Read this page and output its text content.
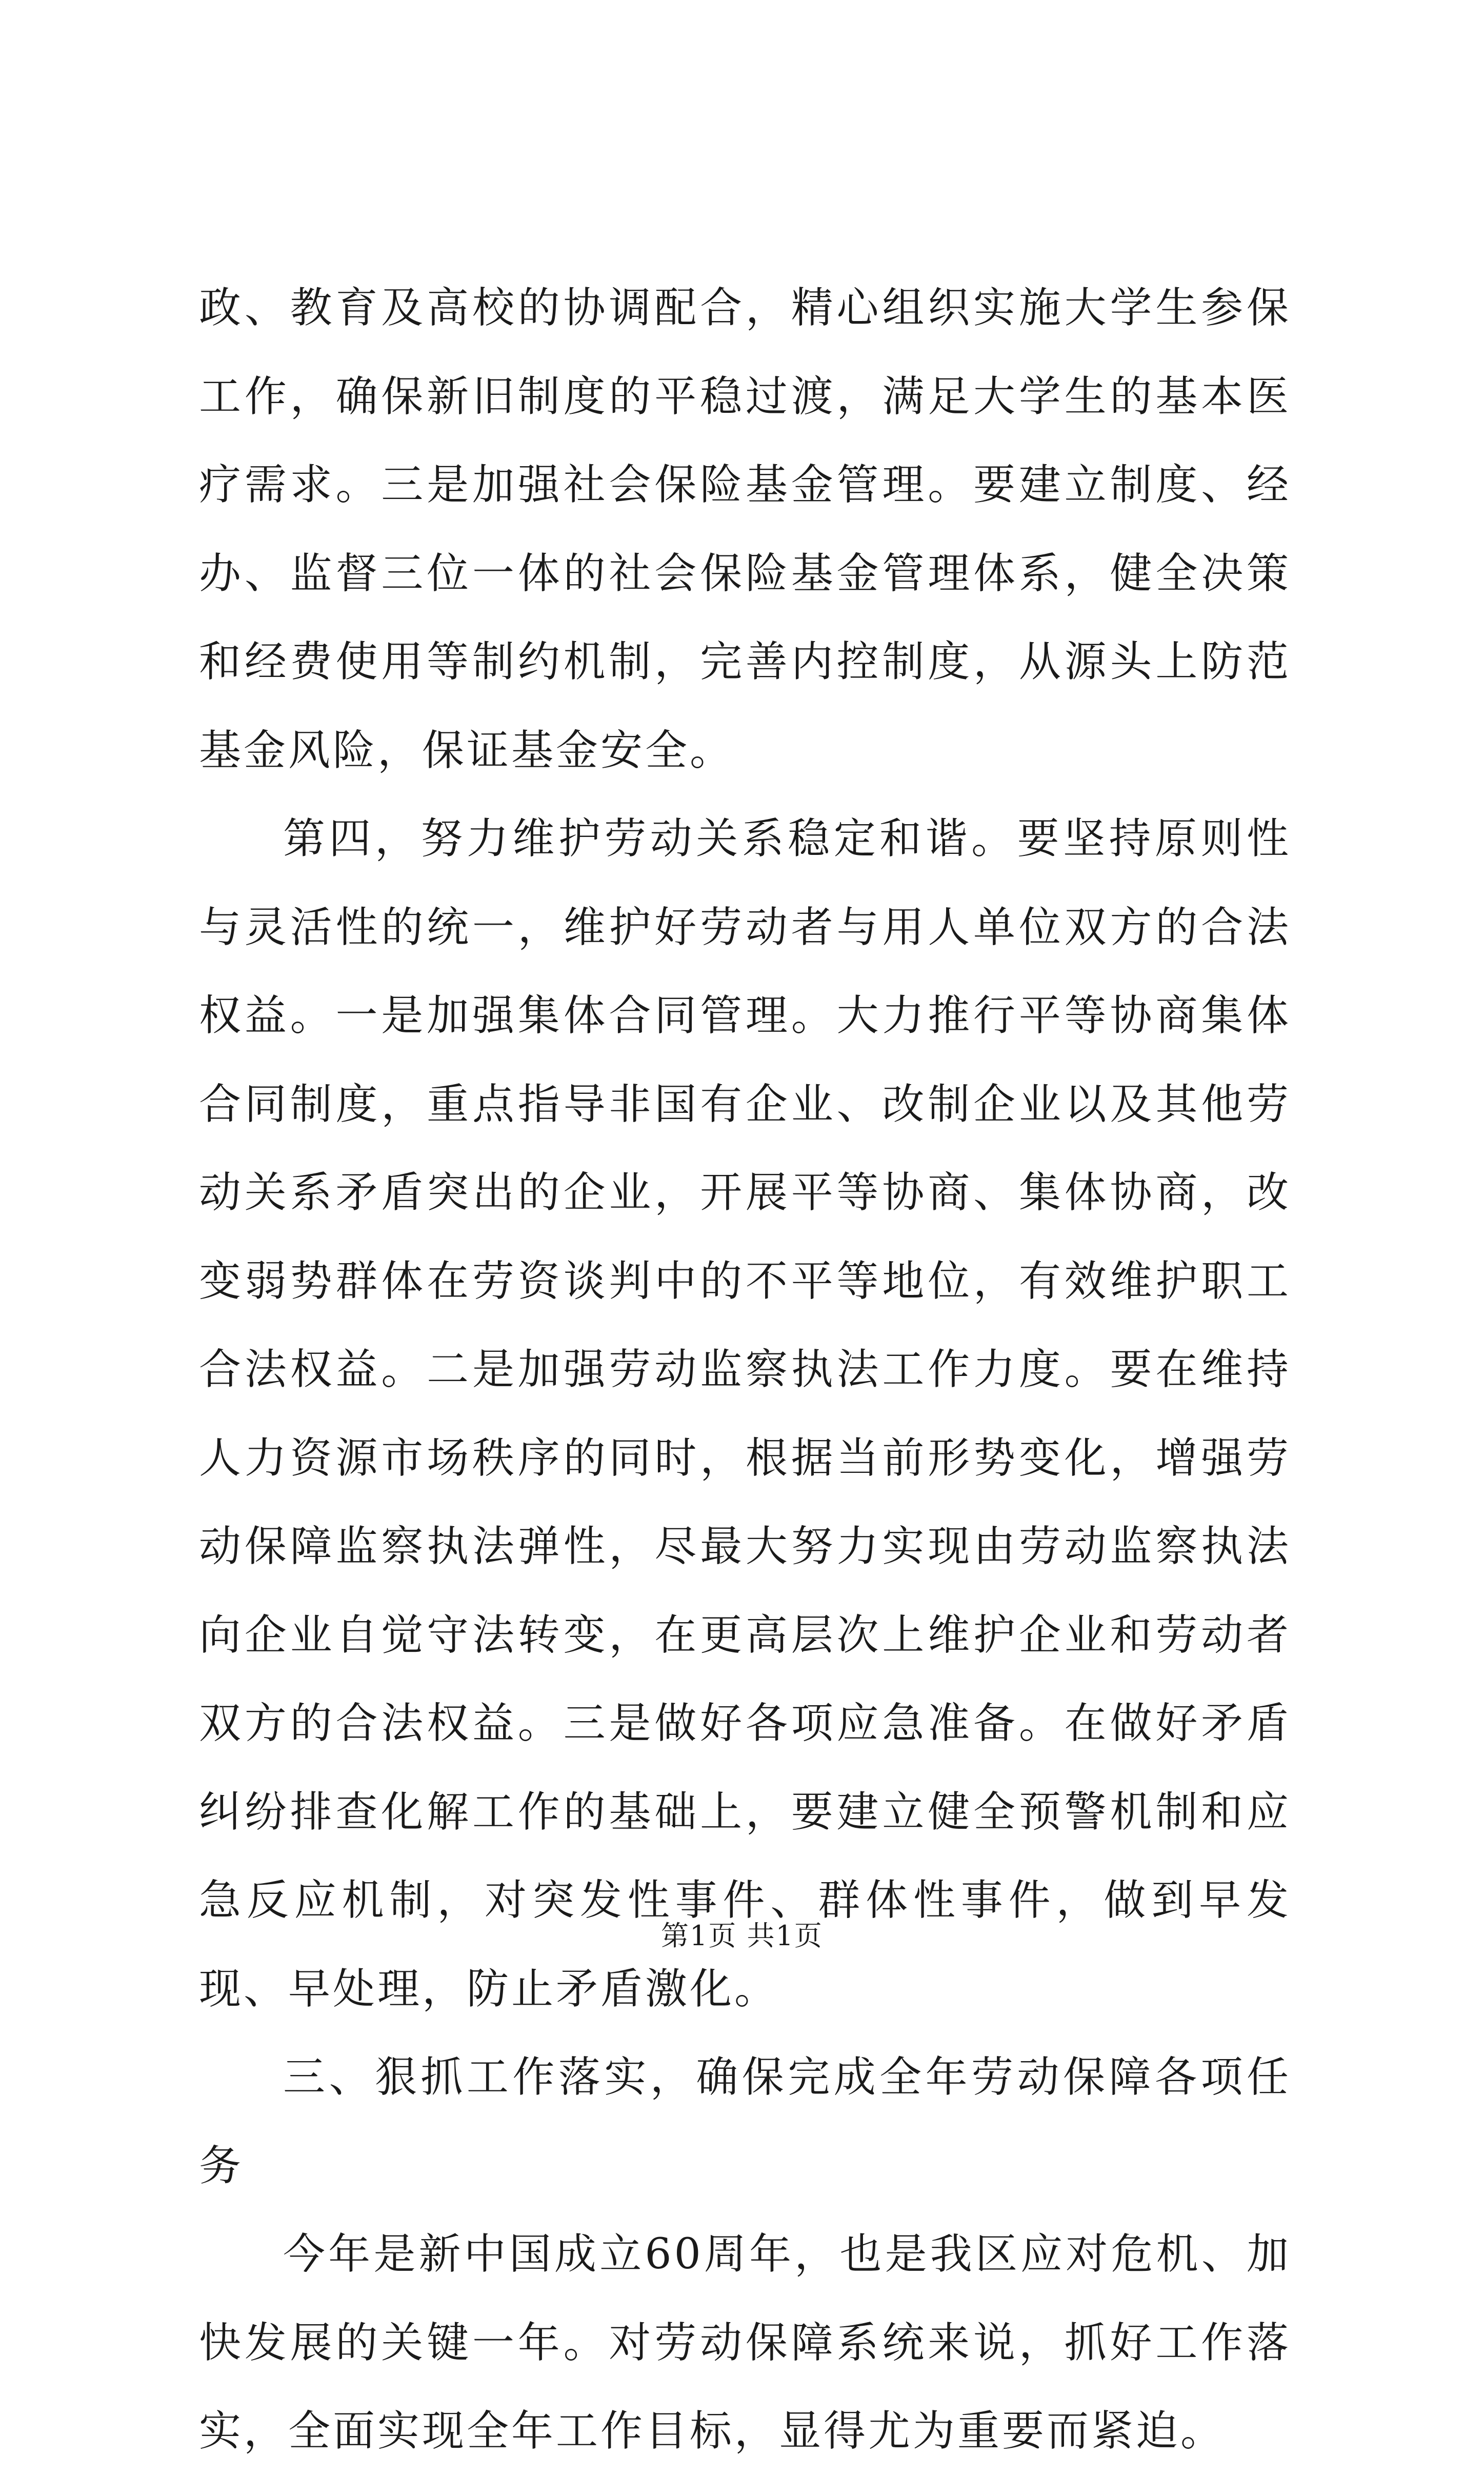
政、教育及高校的协调配合，精心组织实施大学生参保工作，确保新旧制度的平稳过渡，满足大学生的基本医疗需求。三是加强社会保险基金管理。要建立制度、经办、监督三位一体的社会保险基金管理体系，健全决策和经费使用等制约机制，完善内控制度，从源头上防范基金风险，保证基金安全。

第四，努力维护劳动关系稳定和谐。要坚持原则性与灵活性的统一，维护好劳动者与用人单位双方的合法权益。一是加强集体合同管理。大力推行平等协商集体合同制度，重点指导非国有企业、改制企业以及其他劳动关系矛盾突出的企业，开展平等协商、集体协商，改变弱势群体在劳资谈判中的不平等地位，有效维护职工合法权益。二是加强劳动监察执法工作力度。要在维持人力资源市场秩序的同时，根据当前形势变化，增强劳动保障监察执法弹性，尽最大努力实现由劳动监察执法向企业自觉守法转变，在更高层次上维护企业和劳动者双方的合法权益。三是做好各项应急准备。在做好矛盾纠纷排查化解工作的基础上，要建立健全预警机制和应急反应机制，对突发性事件、群体性事件，做到早发现、早处理，防止矛盾激化。

三、狠抓工作落实，确保完成全年劳动保障各项任务

今年是新中国成立60周年，也是我区应对危机、加快发展的关键一年。对劳动保障系统来说，抓好工作落实，全面实现全年工作目标，显得尤为重要而紧迫。

第1页 共1页
